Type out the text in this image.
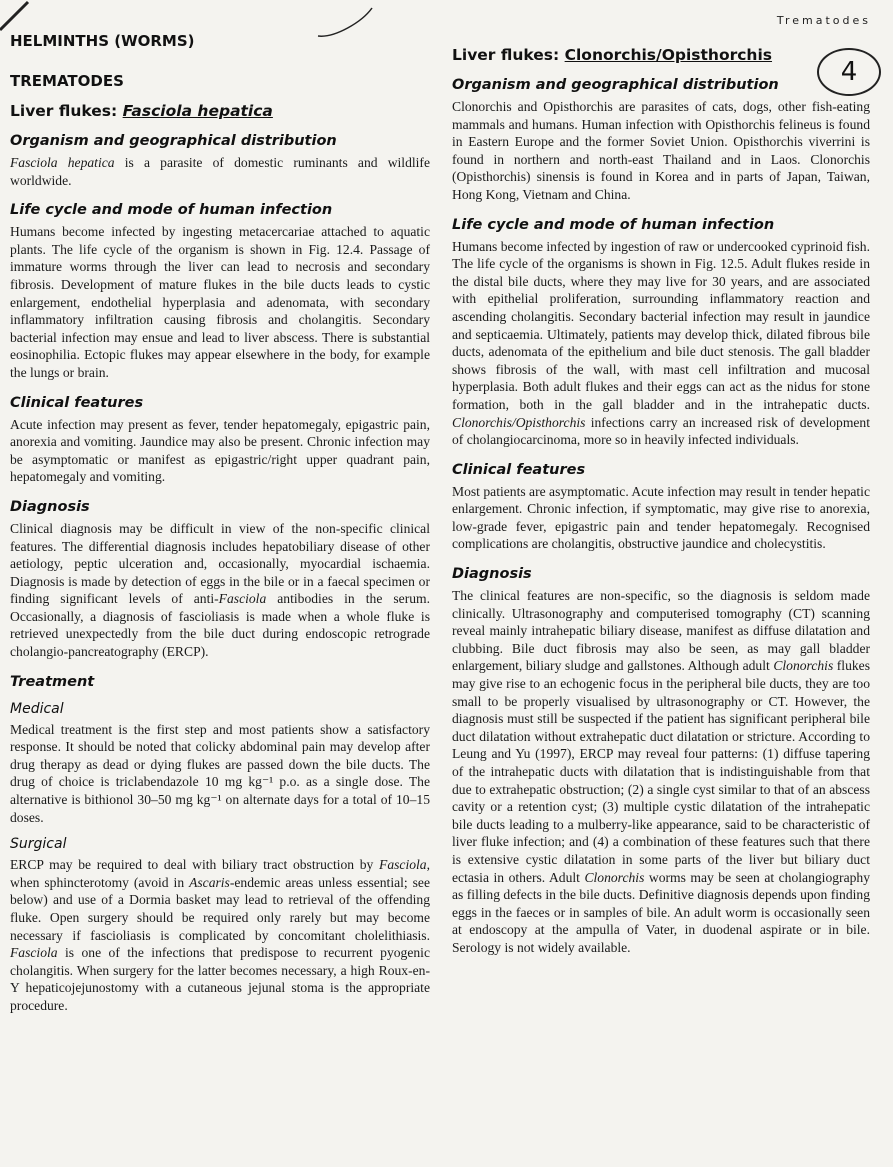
Trematodes
4
HELMINTHS (WORMS)
TREMATODES
Liver flukes: Fasciola hepatica
Organism and geographical distribution

Fasciola hepatica is a parasite of domestic ruminants and wildlife worldwide.

Life cycle and mode of human infection

Humans become infected by ingesting metacercariae attached to aquatic plants. The life cycle of the organism is shown in Fig. 12.4. Passage of immature worms through the liver can lead to necrosis and secondary fibrosis. Development of mature flukes in the bile ducts leads to cystic enlargement, endothelial hyperplasia and adenomata, with secondary inflammatory infiltration causing fibrosis and cholangitis. Secondary bacterial infection may ensue and lead to liver abscess. There is substantial eosinophilia. Ectopic flukes may appear elsewhere in the body, for example the lungs or brain.

Clinical features

Acute infection may present as fever, tender hepatomegaly, epigastric pain, anorexia and vomiting. Jaundice may also be present. Chronic infection may be asymptomatic or manifest as epigastric/right upper quadrant pain, hepatomegaly and vomiting.

Diagnosis

Clinical diagnosis may be difficult in view of the non-specific clinical features. The differential diagnosis includes hepatobiliary disease of other aetiology, peptic ulceration and, occasionally, myocardial ischaemia. Diagnosis is made by detection of eggs in the bile or in a faecal specimen or finding significant levels of anti-Fasciola antibodies in the serum. Occasionally, a diagnosis of fascioliasis is made when a whole fluke is retrieved unexpectedly from the bile duct during endoscopic retrograde cholangio-pancreatography (ERCP).

Treatment
Medical

Medical treatment is the first step and most patients show a satisfactory response. It should be noted that colicky abdominal pain may develop after drug therapy as dead or dying flukes are passed down the bile ducts. The drug of choice is triclabendazole 10 mg kg⁻¹ p.o. as a single dose. The alternative is bithionol 30–50 mg kg⁻¹ on alternate days for a total of 10–15 doses.

Surgical

ERCP may be required to deal with biliary tract obstruction by Fasciola, when sphincterotomy (avoid in Ascaris-endemic areas unless essential; see below) and use of a Dormia basket may lead to retrieval of the offending fluke. Open surgery should be required only rarely but may become necessary if fascioliasis is complicated by concomitant cholelithiasis. Fasciola is one of the infections that predispose to recurrent pyogenic cholangitis. When surgery for the latter becomes necessary, a high Roux-en-Y hepaticojejunostomy with a cutaneous jejunal stoma is the appropriate procedure.

Liver flukes: Clonorchis/Opisthorchis
Organism and geographical distribution

Clonorchis and Opisthorchis are parasites of cats, dogs, other fish-eating mammals and humans. Human infection with Opisthorchis felineus is found in Eastern Europe and the former Soviet Union. Opisthorchis viverrini is found in northern and north-east Thailand and in Laos. Clonorchis (Opisthorchis) sinensis is found in Korea and in parts of Japan, Taiwan, Hong Kong, Vietnam and China.

Life cycle and mode of human infection

Humans become infected by ingestion of raw or undercooked cyprinoid fish. The life cycle of the organisms is shown in Fig. 12.5. Adult flukes reside in the distal bile ducts, where they may live for 30 years, and are associated with epithelial proliferation, surrounding inflammatory reaction and ascending cholangitis. Secondary bacterial infection may result in jaundice and septicaemia. Ultimately, patients may develop thick, dilated fibrous bile ducts, adenomata of the epithelium and bile duct stenosis. The gall bladder shows fibrosis of the wall, with mast cell infiltration and mucosal hyperplasia. Both adult flukes and their eggs can act as the nidus for stone formation, both in the gall bladder and in the intrahepatic ducts. Clonorchis/Opisthorchis infections carry an increased risk of development of cholangiocarcinoma, more so in heavily infected individuals.

Clinical features

Most patients are asymptomatic. Acute infection may result in tender hepatic enlargement. Chronic infection, if symptomatic, may give rise to anorexia, low-grade fever, epigastric pain and tender hepatomegaly. Recognised complications are cholangitis, obstructive jaundice and cholecystitis.

Diagnosis

The clinical features are non-specific, so the diagnosis is seldom made clinically. Ultrasonography and computerised tomography (CT) scanning reveal mainly intrahepatic biliary disease, manifest as diffuse dilatation and clubbing. Bile duct fibrosis may also be seen, as may gall bladder enlargement, biliary sludge and gallstones. Although adult Clonorchis flukes may give rise to an echogenic focus in the peripheral bile ducts, they are too small to be properly visualised by ultrasonography or CT. However, the diagnosis must still be suspected if the patient has significant peripheral bile duct dilatation without extrahepatic duct dilatation or stricture. According to Leung and Yu (1997), ERCP may reveal four patterns: (1) diffuse tapering of the intrahepatic ducts with dilatation that is indistinguishable from that due to extrahepatic obstruction; (2) a single cyst similar to that of an abscess cavity or a retention cyst; (3) multiple cystic dilatation of the intrahepatic bile ducts leading to a mulberry-like appearance, said to be characteristic of liver fluke infection; and (4) a combination of these features such that there is extensive cystic dilatation in some parts of the liver but biliary duct ectasia in others. Adult Clonorchis worms may be seen at cholangiography as filling defects in the bile ducts. Definitive diagnosis depends upon finding eggs in the faeces or in samples of bile. An adult worm is occasionally seen at endoscopy at the ampulla of Vater, in duodenal aspirate or in bile. Serology is not widely available.
